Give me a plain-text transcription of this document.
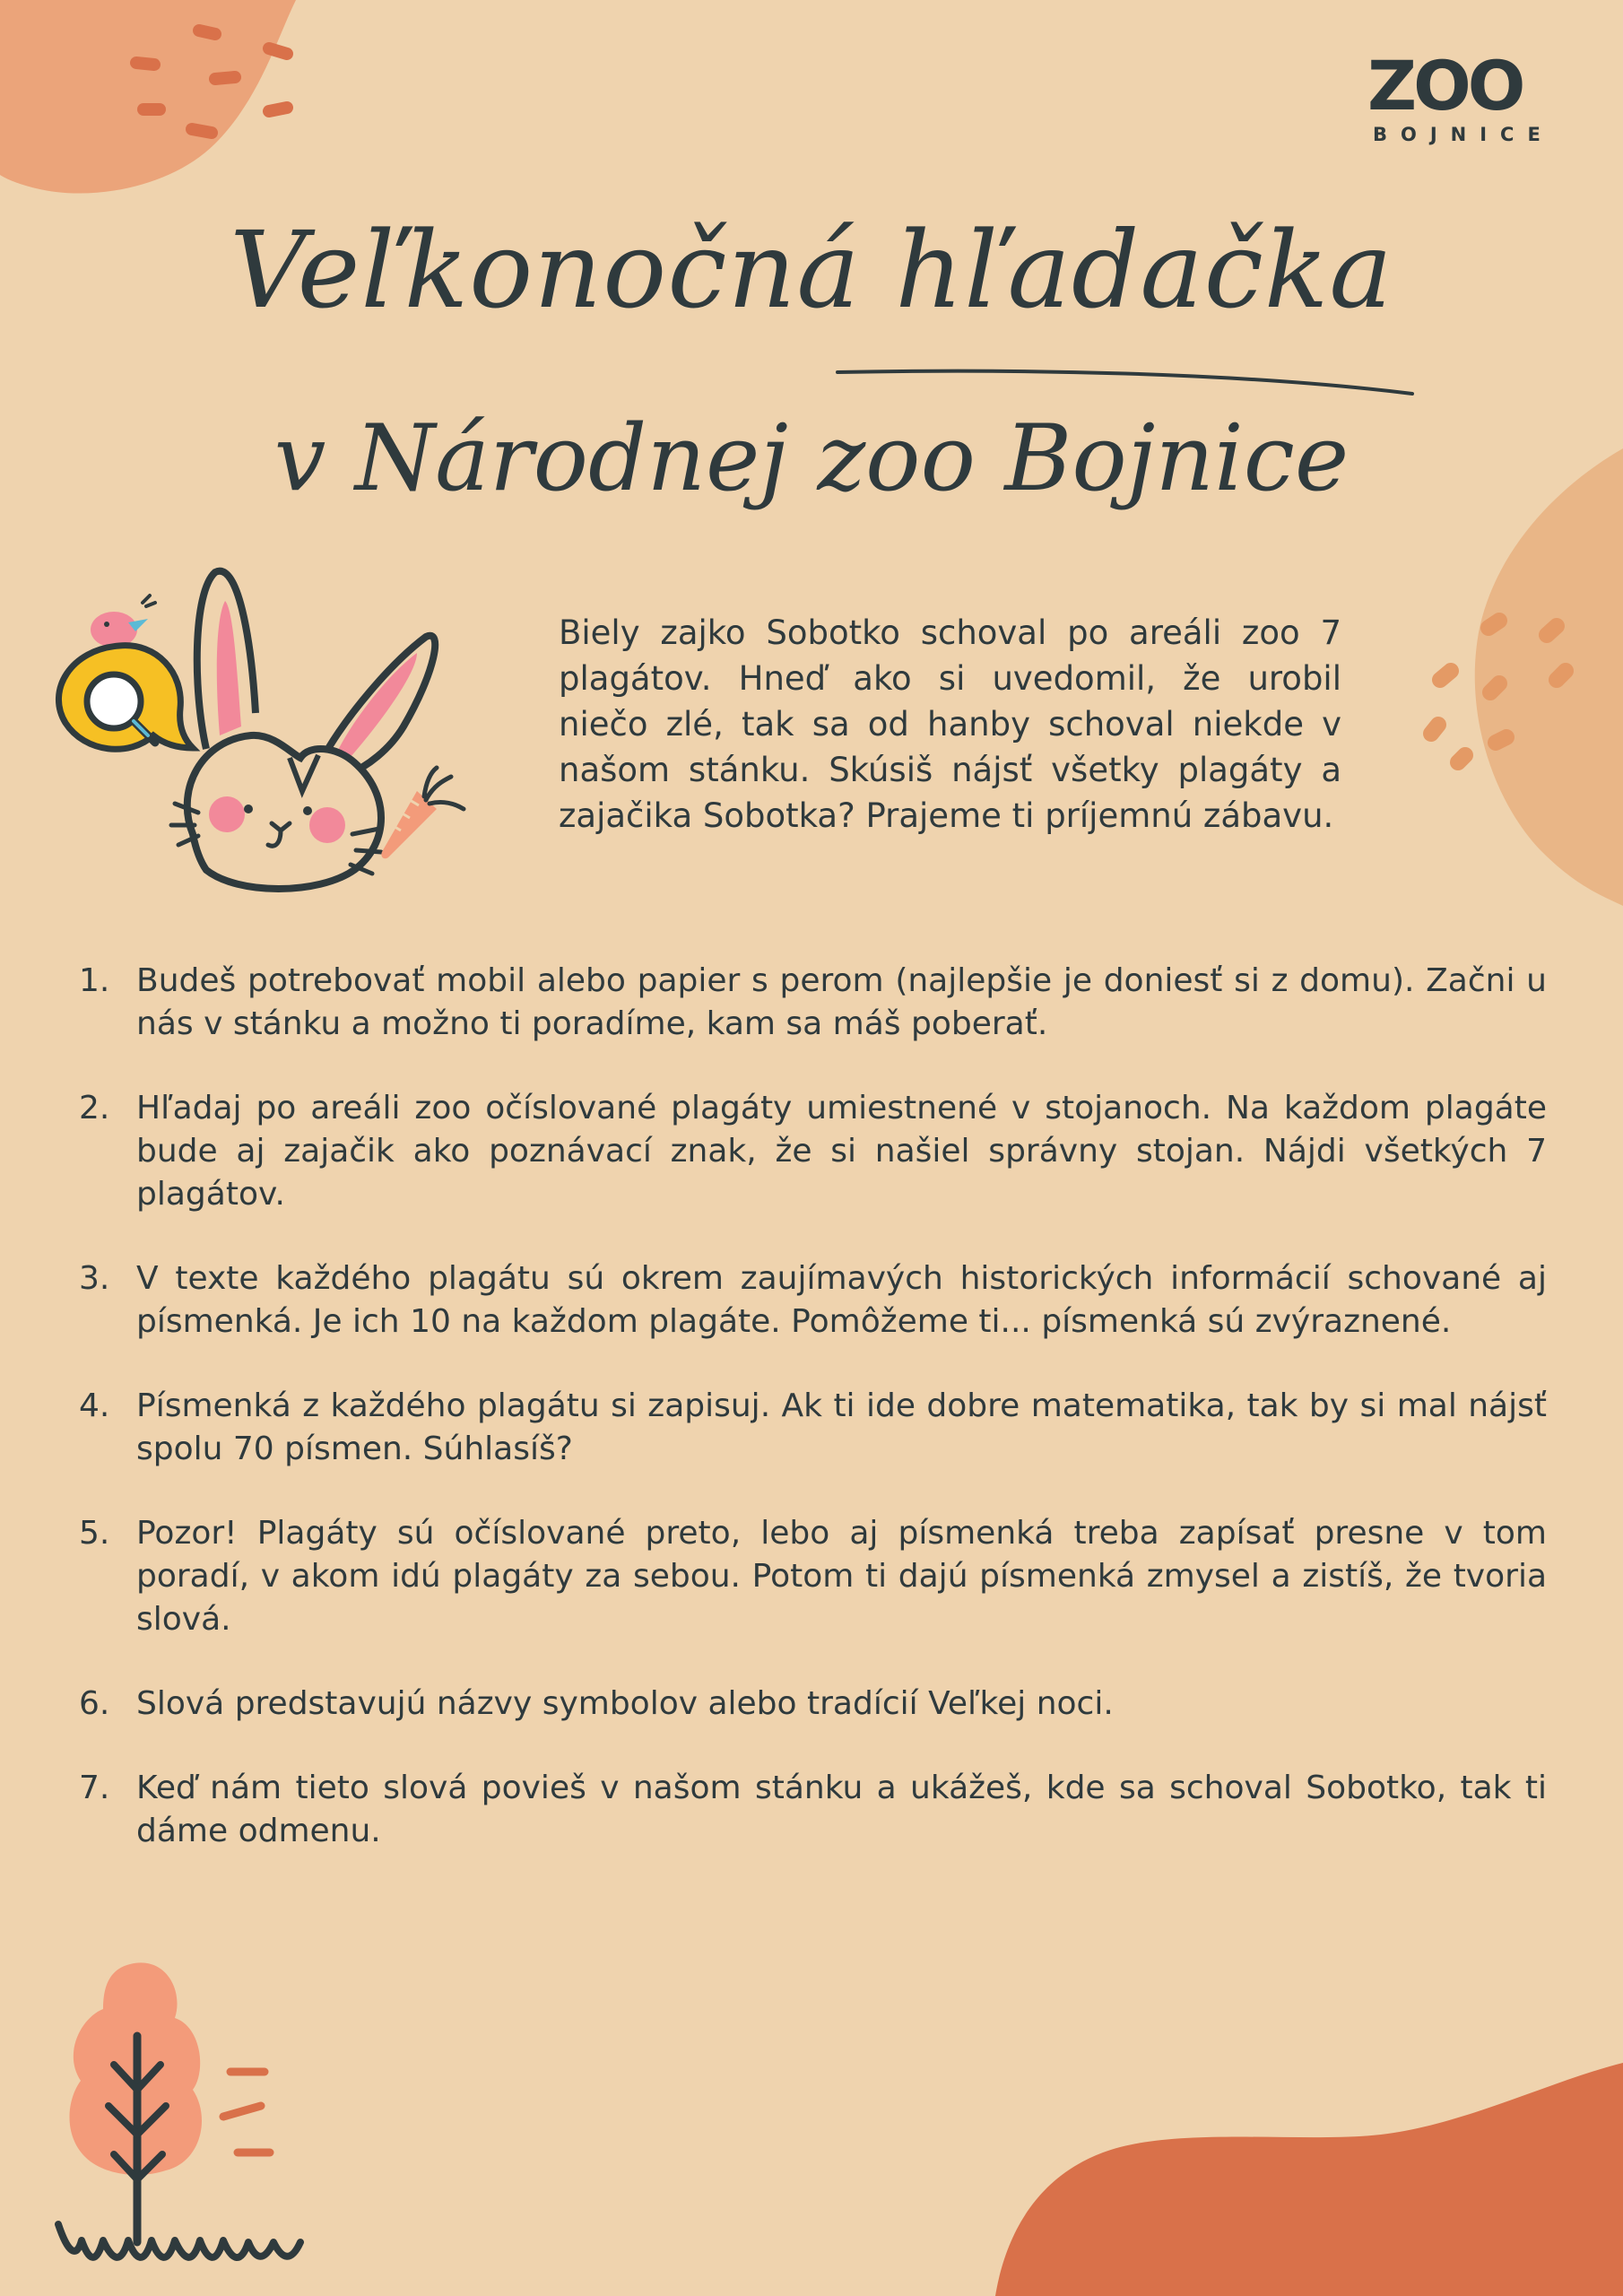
ZOO
BOJNICE
Veľkonočná hľadačka
v Národnej zoo Bojnice

Biely zajko Sobotko schoval po areáli zoo 7 plagátov. Hneď ako si uvedomil, že urobil niečo zlé, tak sa od hanby schoval niekde v našom stánku. Skúsiš nájsť všetky plagáty a zajačika Sobotka? Prajeme ti príjemnú zábavu.

1. Budeš potrebovať mobil alebo papier s perom (najlepšie je doniesť si z domu). Začni u nás v stánku a možno ti poradíme, kam sa máš poberať.
2. Hľadaj po areáli zoo očíslované plagáty umiestnené v stojanoch. Na každom plagáte bude aj zajačik ako poznávací znak, že si našiel správny stojan. Nájdi všetkých 7 plagátov.
3. V texte každého plagátu sú okrem zaujímavých historických informácií schované aj písmenká. Je ich 10 na každom plagáte. Pomôžeme ti... písmenká sú zvýraznené.
4. Písmenká z každého plagátu si zapisuj. Ak ti ide dobre matematika, tak by si mal nájsť spolu 70 písmen. Súhlasíš?
5. Pozor! Plagáty sú očíslované preto, lebo aj písmenká treba zapísať presne v tom poradí, v akom idú plagáty za sebou. Potom ti dajú písmenká zmysel a zistíš, že tvoria slová.
6. Slová predstavujú názvy symbolov alebo tradícií Veľkej noci.
7. Keď nám tieto slová povieš v našom stánku a ukážeš, kde sa schoval Sobotko, tak ti dáme odmenu.
